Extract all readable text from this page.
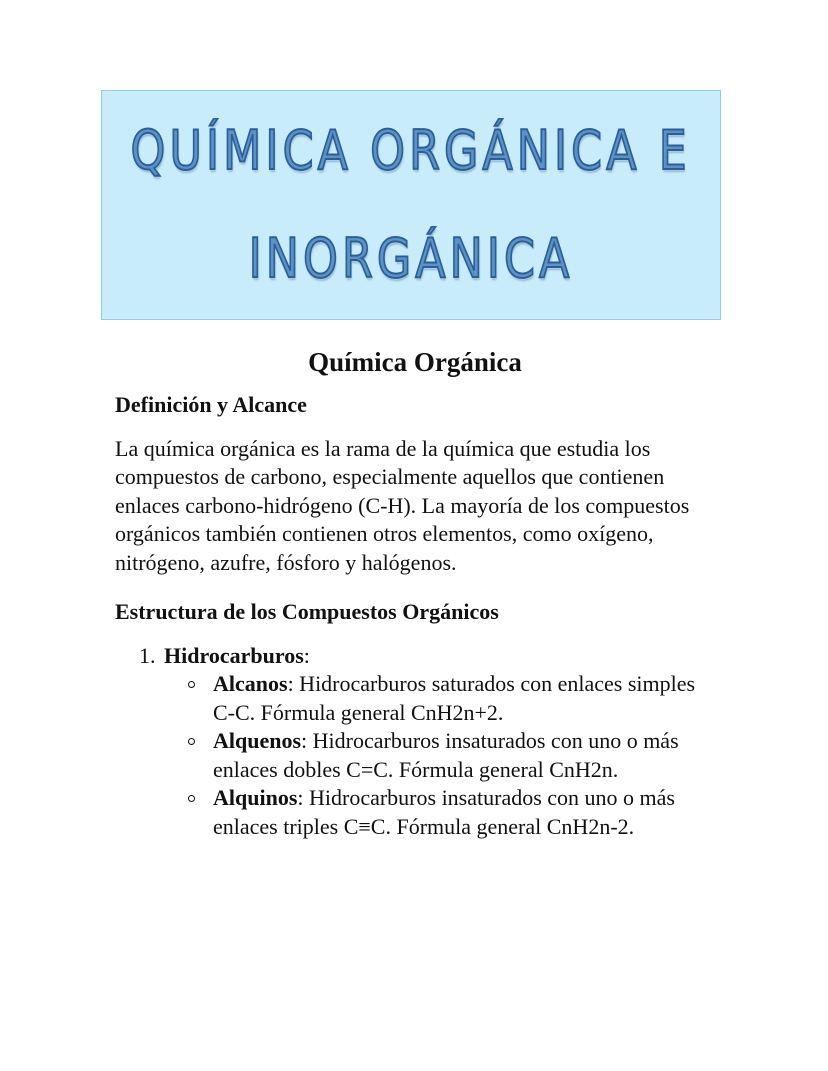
QUÍMICA ORGÁNICA E
INORGÁNICA
Química Orgánica
Definición y Alcance

La química orgánica es la rama de la química que estudia los compuestos de carbono, especialmente aquellos que contienen enlaces carbono-hidrógeno (C-H). La mayoría de los compuestos orgánicos también contienen otros elementos, como oxígeno, nitrógeno, azufre, fósforo y halógenos.

Estructura de los Compuestos Orgánicos
1. Hidrocarburos:
Alcanos: Hidrocarburos saturados con enlaces simples C-C. Fórmula general CnH2n+2.
Alquenos: Hidrocarburos insaturados con uno o más enlaces dobles C=C. Fórmula general CnH2n.
Alquinos: Hidrocarburos insaturados con uno o más enlaces triples C≡C. Fórmula general CnH2n-2.
